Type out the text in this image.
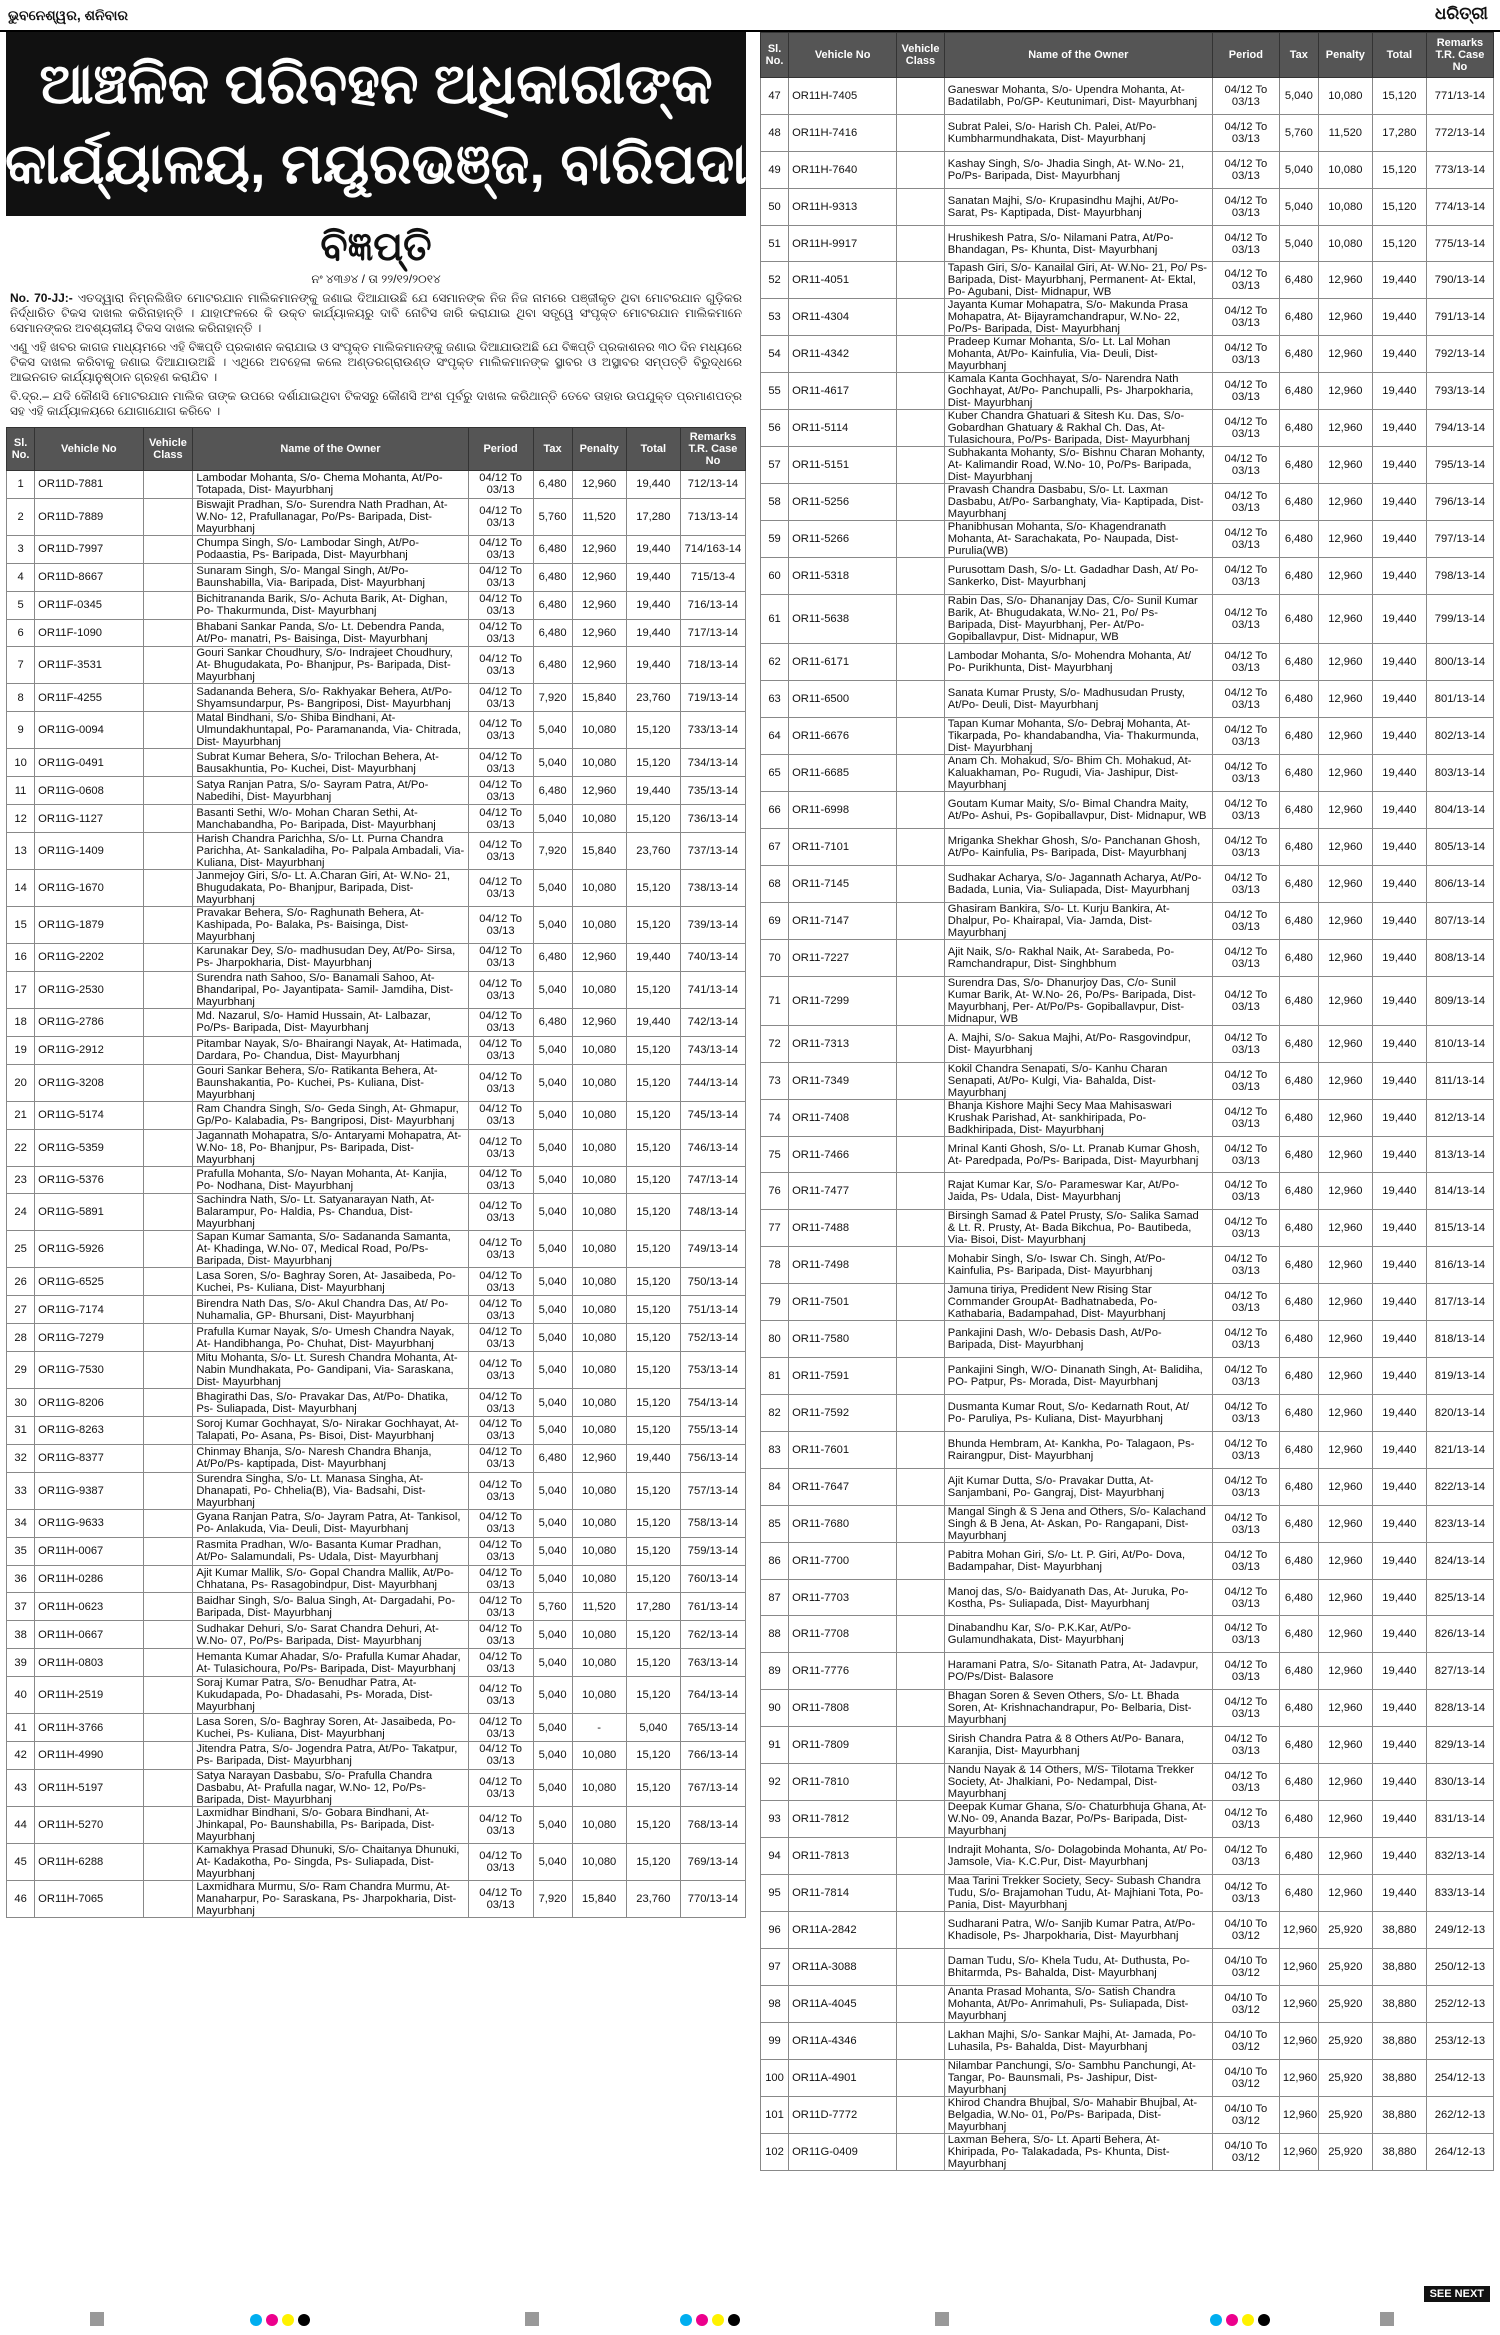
ଭୁବନେଶ୍ୱର, ଶନିବାର	ଧରିତ୍ରୀ
ଆଞ୍ଚଳିକ ପରିବହନ ଅଧିକାରୀଙ୍କ
କାର୍ଯ୍ୟାଳୟ, ମୟୂରଭଞ୍ଜ, ବାରିପଦା
ବିଜ୍ଞପ୍ତି
ନଂ ୪୩୬୪ / ତା ୨୨/୧୨/୨୦୧୪

No. 70-JJ:- ଏତଦ୍ୱାରା ନିମ୍ନଲିଖିତ ମୋଟରଯାନ ମାଲିକମାନଙ୍କୁ ଜଣାଇ ଦିଆଯାଉଛି ଯେ ସେମାନଙ୍କ ନିଜ ନିଜ ନାମରେ ପଞ୍ଜୀକୃତ ଥିବା ମୋଟରଯାନ ଗୁଡ଼ିକର ନିର୍ଦ୍ଧାରିତ ଟିକସ ଦାଖଲ କରିନାହାନ୍ତି । ଯାହାଫଳରେ କି ଉକ୍ତ କାର୍ଯ୍ୟାଳୟରୁ ଦାବି ନୋଟିସ ଜାରି କରାଯାଇ ଥିବା ସତ୍ତ୍ୱେ ସଂପୃକ୍ତ ମୋଟରଯାନ ମାଲିକମାନେ ସେମାନଙ୍କର ଅବଶ୍ୟକୀୟ ଟିକସ ଦାଖଲ କରିନାହାନ୍ତି ।

ଏଣୁ ଏହି ଖବର କାଗଜ ମାଧ୍ୟମରେ ଏହି ବିଜ୍ଞପ୍ତି ପ୍ରକାଶନ କରାଯାଇ ଓ ସଂପୃକ୍ତ ମାଲିକମାନଙ୍କୁ ଜଣାଇ ଦିଆଯାଉଅଛି ଯେ ବିଜ୍ଞପ୍ତି ପ୍ରକାଶନର ୩୦ ଦିନ ମଧ୍ୟରେ ଟିକସ ଦାଖଲ କରିବାକୁ ଜଣାଇ ଦିଆଯାଉଅଛି । ଏଥିରେ ଅବହେଳା କଲେ ଅଣ୍ଡରଗ୍ରାଉଣ୍ଡ ସଂପୃକ୍ତ ମାଲିକମାନଙ୍କ ସ୍ଥାବର ଓ ଅସ୍ଥାବର ସମ୍ପତ୍ତି ବିରୁଦ୍ଧରେ ଆଇନଗତ କାର୍ଯ୍ୟାନୁଷ୍ଠାନ ଗ୍ରହଣ କରାଯିବ ।

ବି.ଦ୍ର.– ଯଦି କୌଣସି ମୋଟରଯାନ ମାଲିକ ତାଙ୍କ ଉପରେ ଦର୍ଶାଯାଇଥିବା ଟିକସରୁ କୌଣସି ଅଂଶ ପୂର୍ବରୁ ଦାଖଲ କରିଥାନ୍ତି ତେବେ ତାହାର ଉପଯୁକ୍ତ ପ୍ରମାଣପତ୍ର ସହ ଏହି କାର୍ଯ୍ୟାଳୟରେ ଯୋଗାଯୋଗ କରିବେ ।

Sl. No.	Vehicle No	Vehicle Class	Name of the Owner	Period	Tax	Penalty	Total	Remarks T.R. Case No

1	OR11D-7881		Lambodar Mohanta, S/o- Chema Mohanta, At/Po- Totapada, Dist- Mayurbhanj	04/12 To 03/13	6,480	12,960	19,440	712/13-14

2	OR11D-7889		Biswajit Pradhan, S/o- Surendra Nath Pradhan, At- W.No- 12, Prafullanagar, Po/Ps- Baripada, Dist- Mayurbhanj	04/12 To 03/13	5,760	11,520	17,280	713/13-14

3	OR11D-7997		Chumpa Singh, S/o- Lambodar Singh, At/Po- Podaastia, Ps- Baripada, Dist- Mayurbhanj	04/12 To 03/13	6,480	12,960	19,440	714/163-14

4	OR11D-8667		Sunaram Singh, S/o- Mangal Singh, At/Po- Baunshabilla, Via- Baripada, Dist- Mayurbhanj	04/12 To 03/13	6,480	12,960	19,440	715/13-4

5	OR11F-0345		Bichitrananda Barik, S/o- Achuta Barik, At- Dighan, Po- Thakurmunda, Dist- Mayurbhanj	04/12 To 03/13	6,480	12,960	19,440	716/13-14

6	OR11F-1090		Bhabani Sankar Panda, S/o- Lt. Debendra Panda, At/Po- manatri, Ps- Baisinga, Dist- Mayurbhanj	04/12 To 03/13	6,480	12,960	19,440	717/13-14

7	OR11F-3531		Gouri Sankar Choudhury, S/o- Indrajeet Choudhury, At- Bhugudakata, Po- Bhanjpur, Ps- Baripada, Dist- Mayurbhanj	04/12 To 03/13	6,480	12,960	19,440	718/13-14

8	OR11F-4255		Sadananda Behera, S/o- Rakhyakar Behera, At/Po- Shyamsundarpur, Ps- Bangriposi, Dist- Mayurbhanj	04/12 To 03/13	7,920	15,840	23,760	719/13-14

9	OR11G-0094		Matal Bindhani, S/o- Shiba Bindhani, At- Ulmundakhuntapal, Po- Paramananda, Via- Chitrada, Dist- Mayurbhanj	04/12 To 03/13	5,040	10,080	15,120	733/13-14

10	OR11G-0491		Subrat Kumar Behera, S/o- Trilochan Behera, At- Bausakhuntia, Po- Kuchei, Dist- Mayurbhanj	04/12 To 03/13	5,040	10,080	15,120	734/13-14

11	OR11G-0608		Satya Ranjan Patra, S/o- Sayram Patra, At/Po- Nabedihi, Dist- Mayurbhanj	04/12 To 03/13	6,480	12,960	19,440	735/13-14

12	OR11G-1127		Basanti Sethi, W/o- Mohan Charan Sethi, At- Manchabandha, Po- Baripada, Dist- Mayurbhanj	04/12 To 03/13	5,040	10,080	15,120	736/13-14

13	OR11G-1409		Harish Chandra Parichha, S/o- Lt. Purna Chandra Parichha, At- Sankaladiha, Po- Palpala Ambadali, Via- Kuliana, Dist- Mayurbhanj	04/12 To 03/13	7,920	15,840	23,760	737/13-14

14	OR11G-1670		Janmejoy Giri, S/o- Lt. A.Charan Giri, At- W.No- 21, Bhugudakata, Po- Bhanjpur, Baripada, Dist- Mayurbhanj	04/12 To 03/13	5,040	10,080	15,120	738/13-14

15	OR11G-1879		Pravakar Behera, S/o- Raghunath Behera, At- Kashipada, Po- Balaka, Ps- Baisinga, Dist- Mayurbhanj	04/12 To 03/13	5,040	10,080	15,120	739/13-14

16	OR11G-2202		Karunakar Dey, S/o- madhusudan Dey, At/Po- Sirsa, Ps- Jharpokharia, Dist- Mayurbhanj	04/12 To 03/13	6,480	12,960	19,440	740/13-14

17	OR11G-2530		Surendra nath Sahoo, S/o- Banamali Sahoo, At- Bhandaripal, Po- Jayantipata- Samil- Jamdiha, Dist- Mayurbhanj	04/12 To 03/13	5,040	10,080	15,120	741/13-14

18	OR11G-2786		Md. Nazarul, S/o- Hamid Hussain, At- Lalbazar, Po/Ps- Baripada, Dist- Mayurbhanj	04/12 To 03/13	6,480	12,960	19,440	742/13-14

19	OR11G-2912		Pitambar Nayak, S/o- Bhairangi Nayak, At- Hatimada, Dardara, Po- Chandua, Dist- Mayurbhanj	04/12 To 03/13	5,040	10,080	15,120	743/13-14

20	OR11G-3208		Gouri Sankar Behera, S/o- Ratikanta Behera, At- Baunshakantia, Po- Kuchei, Ps- Kuliana, Dist- Mayurbhanj	04/12 To 03/13	5,040	10,080	15,120	744/13-14

21	OR11G-5174		Ram Chandra Singh, S/o- Geda Singh, At- Ghmapur, Gp/Po- Kalabadia, Ps- Bangriposi, Dist- Mayurbhanj	04/12 To 03/13	5,040	10,080	15,120	745/13-14

22	OR11G-5359		Jagannath Mohapatra, S/o- Antaryami Mohapatra, At- W.No- 18, Po- Bhanjpur, Ps- Baripada, Dist- Mayurbhanj	04/12 To 03/13	5,040	10,080	15,120	746/13-14

23	OR11G-5376		Prafulla Mohanta, S/o- Nayan Mohanta, At- Kanjia, Po- Nodhana, Dist- Mayurbhanj	04/12 To 03/13	5,040	10,080	15,120	747/13-14

24	OR11G-5891		Sachindra Nath, S/o- Lt. Satyanarayan Nath, At- Balarampur, Po- Haldia, Ps- Chandua, Dist- Mayurbhanj	04/12 To 03/13	5,040	10,080	15,120	748/13-14

25	OR11G-5926		Sapan Kumar Samanta, S/o- Sadananda Samanta, At- Khadinga, W.No- 07, Medical Road, Po/Ps- Baripada, Dist- Mayurbhanj	04/12 To 03/13	5,040	10,080	15,120	749/13-14

26	OR11G-6525		Lasa Soren, S/o- Baghray Soren, At- Jasaibeda, Po- Kuchei, Ps- Kuliana, Dist- Mayurbhanj	04/12 To 03/13	5,040	10,080	15,120	750/13-14

27	OR11G-7174		Birendra Nath Das, S/o- Akul Chandra Das, At/ Po- Nuhamalia, GP- Bhursani, Dist- Mayurbhanj	04/12 To 03/13	5,040	10,080	15,120	751/13-14

28	OR11G-7279		Prafulla Kumar Nayak, S/o- Umesh Chandra Nayak, At- Handibhanga, Po- Chuhat, Dist- Mayurbhanj	04/12 To 03/13	5,040	10,080	15,120	752/13-14

29	OR11G-7530		Mitu Mohanta, S/o- Lt. Suresh Chandra Mohanta, At- Nabin Mundhakata, Po- Gandipani, Via- Saraskana, Dist- Mayurbhanj	04/12 To 03/13	5,040	10,080	15,120	753/13-14

30	OR11G-8206		Bhagirathi Das, S/o- Pravakar Das, At/Po- Dhatika, Ps- Suliapada, Dist- Mayurbhanj	04/12 To 03/13	5,040	10,080	15,120	754/13-14

31	OR11G-8263		Soroj Kumar Gochhayat, S/o- Nirakar Gochhayat, At- Talapati, Po- Asana, Ps- Bisoi, Dist- Mayurbhanj	04/12 To 03/13	5,040	10,080	15,120	755/13-14

32	OR11G-8377		Chinmay Bhanja, S/o- Naresh Chandra Bhanja, At/Po/Ps- kaptipada, Dist- Mayurbhanj	04/12 To 03/13	6,480	12,960	19,440	756/13-14

33	OR11G-9387		Surendra Singha, S/o- Lt. Manasa Singha, At- Dhanapati, Po- Chhelia(B), Via- Badsahi, Dist- Mayurbhanj	04/12 To 03/13	5,040	10,080	15,120	757/13-14

34	OR11G-9633		Gyana Ranjan Patra, S/o- Jayram Patra, At- Tankisol, Po- Anlakuda, Via- Deuli, Dist- Mayurbhanj	04/12 To 03/13	5,040	10,080	15,120	758/13-14

35	OR11H-0067		Rasmita Pradhan, W/o- Basanta Kumar Pradhan, At/Po- Salamundali, Ps- Udala, Dist- Mayurbhanj	04/12 To 03/13	5,040	10,080	15,120	759/13-14

36	OR11H-0286		Ajit Kumar Mallik, S/o- Gopal Chandra Mallik, At/Po- Chhatana, Ps- Rasagobindpur, Dist- Mayurbhanj	04/12 To 03/13	5,040	10,080	15,120	760/13-14

37	OR11H-0623		Baidhar Singh, S/o- Balua Singh, At- Dargadahi, Po- Baripada, Dist- Mayurbhanj	04/12 To 03/13	5,760	11,520	17,280	761/13-14

38	OR11H-0667		Sudhakar Dehuri, S/o- Sarat Chandra Dehuri, At- W.No- 07, Po/Ps- Baripada, Dist- Mayurbhanj	04/12 To 03/13	5,040	10,080	15,120	762/13-14

39	OR11H-0803		Hemanta Kumar Ahadar, S/o- Prafulla Kumar Ahadar, At- Tulasichoura, Po/Ps- Baripada, Dist- Mayurbhanj	04/12 To 03/13	5,040	10,080	15,120	763/13-14

40	OR11H-2519		Soraj Kumar Patra, S/o- Benudhar Patra, At- Kukudapada, Po- Dhadasahi, Ps- Morada, Dist- Mayurbhanj	04/12 To 03/13	5,040	10,080	15,120	764/13-14

41	OR11H-3766		Lasa Soren, S/o- Baghray Soren, At- Jasaibeda, Po- Kuchei, Ps- Kuliana, Dist- Mayurbhanj	04/12 To 03/13	5,040	-	5,040	765/13-14

42	OR11H-4990		Jitendra Patra, S/o- Jogendra Patra, At/Po- Takatpur, Ps- Baripada, Dist- Mayurbhanj	04/12 To 03/13	5,040	10,080	15,120	766/13-14

43	OR11H-5197		Satya Narayan Dasbabu, S/o- Prafulla Chandra Dasbabu, At- Prafulla nagar, W.No- 12, Po/Ps- Baripada, Dist- Mayurbhanj	04/12 To 03/13	5,040	10,080	15,120	767/13-14

44	OR11H-5270		Laxmidhar Bindhani, S/o- Gobara Bindhani, At- Jhinkapal, Po- Baunshabilla, Ps- Baripada, Dist- Mayurbhanj	04/12 To 03/13	5,040	10,080	15,120	768/13-14

45	OR11H-6288		Kamakhya Prasad Dhunuki, S/o- Chaitanya Dhunuki, At- Kadakotha, Po- Singda, Ps- Suliapada, Dist- Mayurbhanj	04/12 To 03/13	5,040	10,080	15,120	769/13-14

46	OR11H-7065		Laxmidhara Murmu, S/o- Ram Chandra Murmu, At- Manaharpur, Po- Saraskana, Ps- Jharpokharia, Dist- Mayurbhanj	04/12 To 03/13	7,920	15,840	23,760	770/13-14
Sl. No.	Vehicle No	Vehicle Class	Name of the Owner	Period	Tax	Penalty	Total	Remarks T.R. Case No

47	OR11H-7405		Ganeswar Mohanta, S/o- Upendra Mohanta, At- Badatilabh, Po/GP- Keutunimari, Dist- Mayurbhanj	04/12 To 03/13	5,040	10,080	15,120	771/13-14

48	OR11H-7416		Subrat Palei, S/o- Harish Ch. Palei, At/Po- Kumbharmundhakata, Dist- Mayurbhanj	04/12 To 03/13	5,760	11,520	17,280	772/13-14

49	OR11H-7640		Kashay Singh, S/o- Jhadia Singh, At- W.No- 21, Po/Ps- Baripada, Dist- Mayurbhanj	04/12 To 03/13	5,040	10,080	15,120	773/13-14

50	OR11H-9313		Sanatan Majhi, S/o- Krupasindhu Majhi, At/Po- Sarat, Ps- Kaptipada, Dist- Mayurbhanj	04/12 To 03/13	5,040	10,080	15,120	774/13-14

51	OR11H-9917		Hrushikesh Patra, S/o- Nilamani Patra, At/Po- Bhandagan, Ps- Khunta, Dist- Mayurbhanj	04/12 To 03/13	5,040	10,080	15,120	775/13-14

52	OR11-4051		Tapash Giri, S/o- Kanailal Giri, At- W.No- 21, Po/ Ps- Baripada, Dist- Mayurbhanj, Permanent- At- Ektal, Po- Agubani, Dist- Midnapur, WB	04/12 To 03/13	6,480	12,960	19,440	790/13-14

53	OR11-4304		Jayanta Kumar Mohapatra, S/o- Makunda Prasa Mohapatra, At- Bijayramchandrapur, W.No- 22, Po/Ps- Baripada, Dist- Mayurbhanj	04/12 To 03/13	6,480	12,960	19,440	791/13-14

54	OR11-4342		Pradeep Kumar Mohanta, S/o- Lt. Lal Mohan Mohanta, At/Po- Kainfulia, Via- Deuli, Dist- Mayurbhanj	04/12 To 03/13	6,480	12,960	19,440	792/13-14

55	OR11-4617		Kamala Kanta Gochhayat, S/o- Narendra Nath Gochhayat, At/Po- Panchupalli, Ps- Jharpokharia, Dist- Mayurbhanj	04/12 To 03/13	6,480	12,960	19,440	793/13-14

56	OR11-5114		Kuber Chandra Ghatuari & Sitesh Ku. Das, S/o- Gobardhan Ghatuary & Rakhal Ch. Das, At- Tulasichoura, Po/Ps- Baripada, Dist- Mayurbhanj	04/12 To 03/13	6,480	12,960	19,440	794/13-14

57	OR11-5151		Subhakanta Mohanty, S/o- Bishnu Charan Mohanty, At- Kalimandir Road, W.No- 10, Po/Ps- Baripada, Dist- Mayurbhanj	04/12 To 03/13	6,480	12,960	19,440	795/13-14

58	OR11-5256		Pravash Chandra Dasbabu, S/o- Lt. Laxman Dasbabu, At/Po- Sarbanghaty, Via- Kaptipada, Dist- Mayurbhanj	04/12 To 03/13	6,480	12,960	19,440	796/13-14

59	OR11-5266		Phanibhusan Mohanta, S/o- Khagendranath Mohanta, At- Sarachakata, Po- Naupada, Dist- Purulia(WB)	04/12 To 03/13	6,480	12,960	19,440	797/13-14

60	OR11-5318		Purusottam Dash, S/o- Lt. Gadadhar Dash, At/ Po- Sankerko, Dist- Mayurbhanj	04/12 To 03/13	6,480	12,960	19,440	798/13-14

61	OR11-5638		Rabin Das, S/o- Dhananjay Das, C/o- Sunil Kumar Barik, At- Bhugudakata, W.No- 21, Po/ Ps- Baripada, Dist- Mayurbhanj, Per- At/Po- Gopiballavpur, Dist- Midnapur, WB	04/12 To 03/13	6,480	12,960	19,440	799/13-14

62	OR11-6171		Lambodar Mohanta, S/o- Mohendra Mohanta, At/ Po- Purikhunta, Dist- Mayurbhanj	04/12 To 03/13	6,480	12,960	19,440	800/13-14

63	OR11-6500		Sanata Kumar Prusty, S/o- Madhusudan Prusty, At/Po- Deuli, Dist- Mayurbhanj	04/12 To 03/13	6,480	12,960	19,440	801/13-14

64	OR11-6676		Tapan Kumar Mohanta, S/o- Debraj Mohanta, At- Tikarpada, Po- khandabandha, Via- Thakurmunda, Dist- Mayurbhanj	04/12 To 03/13	6,480	12,960	19,440	802/13-14

65	OR11-6685		Anam Ch. Mohakud, S/o- Bhim Ch. Mohakud, At- Kaluakhaman, Po- Rugudi, Via- Jashipur, Dist- Mayurbhanj	04/12 To 03/13	6,480	12,960	19,440	803/13-14

66	OR11-6998		Goutam Kumar Maity, S/o- Bimal Chandra Maity, At/Po- Ashui, Ps- Gopiballavpur, Dist- Midnapur, WB	04/12 To 03/13	6,480	12,960	19,440	804/13-14

67	OR11-7101		Mriganka Shekhar Ghosh, S/o- Panchanan Ghosh, At/Po- Kainfulia, Ps- Baripada, Dist- Mayurbhanj	04/12 To 03/13	6,480	12,960	19,440	805/13-14

68	OR11-7145		Sudhakar Acharya, S/o- Jagannath Acharya, At/Po- Badada, Lunia, Via- Suliapada, Dist- Mayurbhanj	04/12 To 03/13	6,480	12,960	19,440	806/13-14

69	OR11-7147		Ghasiram Bankira, S/o- Lt. Kurju Bankira, At- Dhalpur, Po- Khairapal, Via- Jamda, Dist- Mayurbhanj	04/12 To 03/13	6,480	12,960	19,440	807/13-14

70	OR11-7227		Ajit Naik, S/o- Rakhal Naik, At- Sarabeda, Po- Ramchandrapur, Dist- Singhbhum	04/12 To 03/13	6,480	12,960	19,440	808/13-14

71	OR11-7299		Surendra Das, S/o- Dhanurjoy Das, C/o- Sunil Kumar Barik, At- W.No- 26, Po/Ps- Baripada, Dist- Mayurbhanj, Per- At/Po/Ps- Gopiballavpur, Dist- Midnapur, WB	04/12 To 03/13	6,480	12,960	19,440	809/13-14

72	OR11-7313		A. Majhi, S/o- Sakua Majhi, At/Po- Rasgovindpur, Dist- Mayurbhanj	04/12 To 03/13	6,480	12,960	19,440	810/13-14

73	OR11-7349		Kokil Chandra Senapati, S/o- Kanhu Charan Senapati, At/Po- Kulgi, Via- Bahalda, Dist- Mayurbhanj	04/12 To 03/13	6,480	12,960	19,440	811/13-14

74	OR11-7408		Bhanja Kishore Majhi Secy Maa Mahisaswari Krushak Parishad, At- sankhiripada, Po- Badkhiripada, Dist- Mayurbhanj	04/12 To 03/13	6,480	12,960	19,440	812/13-14

75	OR11-7466		Mrinal Kanti Ghosh, S/o- Lt. Pranab Kumar Ghosh, At- Paredpada, Po/Ps- Baripada, Dist- Mayurbhanj	04/12 To 03/13	6,480	12,960	19,440	813/13-14

76	OR11-7477		Rajat Kumar Kar, S/o- Parameswar Kar, At/Po- Jaida, Ps- Udala, Dist- Mayurbhanj	04/12 To 03/13	6,480	12,960	19,440	814/13-14

77	OR11-7488		Birsingh Samad & Patel Prusty, S/o- Salika Samad & Lt. R. Prusty, At- Bada Bikchua, Po- Bautibeda, Via- Bisoi, Dist- Mayurbhanj	04/12 To 03/13	6,480	12,960	19,440	815/13-14

78	OR11-7498		Mohabir Singh, S/o- Iswar Ch. Singh, At/Po- Kainfulia, Ps- Baripada, Dist- Mayurbhanj	04/12 To 03/13	6,480	12,960	19,440	816/13-14

79	OR11-7501		Jamuna tiriya, Predident New Rising Star Commander GroupAt- Badhatnabeda, Po- Kathabaria, Badampahad, Dist- Mayurbhanj	04/12 To 03/13	6,480	12,960	19,440	817/13-14

80	OR11-7580		Pankajini Dash, W/o- Debasis Dash, At/Po- Baripada, Dist- Mayurbhanj	04/12 To 03/13	6,480	12,960	19,440	818/13-14

81	OR11-7591		Pankajini Singh, W/O- Dinanath Singh, At- Balidiha, PO- Patpur, Ps- Morada, Dist- Mayurbhanj	04/12 To 03/13	6,480	12,960	19,440	819/13-14

82	OR11-7592		Dusmanta Kumar Rout, S/o- Kedarnath Rout, At/ Po- Paruliya, Ps- Kuliana, Dist- Mayurbhanj	04/12 To 03/13	6,480	12,960	19,440	820/13-14

83	OR11-7601		Bhunda Hembram, At- Kankha, Po- Talagaon, Ps- Rairangpur, Dist- Mayurbhanj	04/12 To 03/13	6,480	12,960	19,440	821/13-14

84	OR11-7647		Ajit Kumar Dutta, S/o- Pravakar Dutta, At- Sanjambani, Po- Gangraj, Dist- Mayurbhanj	04/12 To 03/13	6,480	12,960	19,440	822/13-14

85	OR11-7680		Mangal Singh & S Jena and Others, S/o- Kalachand Singh & B Jena, At- Askan, Po- Rangapani, Dist- Mayurbhanj	04/12 To 03/13	6,480	12,960	19,440	823/13-14

86	OR11-7700		Pabitra Mohan Giri, S/o- Lt. P. Giri, At/Po- Dova, Badampahar, Dist- Mayurbhanj	04/12 To 03/13	6,480	12,960	19,440	824/13-14

87	OR11-7703		Manoj das, S/o- Baidyanath Das, At- Juruka, Po- Kostha, Ps- Suliapada, Dist- Mayurbhanj	04/12 To 03/13	6,480	12,960	19,440	825/13-14

88	OR11-7708		Dinabandhu Kar, S/o- P.K.Kar, At/Po- Gulamundhakata, Dist- Mayurbhanj	04/12 To 03/13	6,480	12,960	19,440	826/13-14

89	OR11-7776		Haramani Patra, S/o- Sitanath Patra, At- Jadavpur, PO/Ps/Dist- Balasore	04/12 To 03/13	6,480	12,960	19,440	827/13-14

90	OR11-7808		Bhagan Soren & Seven Others, S/o- Lt. Bhada Soren, At- Krishnachandrapur, Po- Belbaria, Dist- Mayurbhanj	04/12 To 03/13	6,480	12,960	19,440	828/13-14

91	OR11-7809		Sirish Chandra Patra & 8 Others At/Po- Banara, Karanjia, Dist- Mayurbhanj	04/12 To 03/13	6,480	12,960	19,440	829/13-14

92	OR11-7810		Nandu Nayak & 14 Others, M/S- Tilotama Trekker Society, At- Jhalkiani, Po- Nedampal, Dist- Mayurbhanj	04/12 To 03/13	6,480	12,960	19,440	830/13-14

93	OR11-7812		Deepak Kumar Ghana, S/o- Chaturbhuja Ghana, At- W.No- 09, Ananda Bazar, Po/Ps- Baripada, Dist- Mayurbhanj	04/12 To 03/13	6,480	12,960	19,440	831/13-14

94	OR11-7813		Indrajit Mohanta, S/o- Dolagobinda Mohanta, At/ Po- Jamsole, Via- K.C.Pur, Dist- Mayurbhanj	04/12 To 03/13	6,480	12,960	19,440	832/13-14

95	OR11-7814		Maa Tarini Trekker Society, Secy- Subash Chandra Tudu, S/o- Brajamohan Tudu, At- Majhiani Tota, Po- Pania, Dist- Mayurbhanj	04/12 To 03/13	6,480	12,960	19,440	833/13-14

96	OR11A-2842		Sudharani Patra, W/o- Sanjib Kumar Patra, At/Po- Khadisole, Ps- Jharpokharia, Dist- Mayurbhanj	04/10 To 03/12	12,960	25,920	38,880	249/12-13

97	OR11A-3088		Daman Tudu, S/o- Khela Tudu, At- Duthusta, Po- Bhitarmda, Ps- Bahalda, Dist- Mayurbhanj	04/10 To 03/12	12,960	25,920	38,880	250/12-13

98	OR11A-4045		Ananta Prasad Mohanta, S/o- Satish Chandra Mohanta, At/Po- Anrimahuli, Ps- Suliapada, Dist- Mayurbhanj	04/10 To 03/12	12,960	25,920	38,880	252/12-13

99	OR11A-4346		Lakhan Majhi, S/o- Sankar Majhi, At- Jamada, Po- Luhasila, Ps- Bahalda, Dist- Mayurbhanj	04/10 To 03/12	12,960	25,920	38,880	253/12-13

100	OR11A-4901		Nilambar Panchungi, S/o- Sambhu Panchungi, At- Tangar, Po- Baunsmali, Ps- Jashipur, Dist- Mayurbhanj	04/10 To 03/12	12,960	25,920	38,880	254/12-13

101	OR11D-7772		Khirod Chandra Bhujbal, S/o- Mahabir Bhujbal, At- Belgadia, W.No- 01, Po/Ps- Baripada, Dist- Mayurbhanj	04/10 To 03/12	12,960	25,920	38,880	262/12-13

102	OR11G-0409		Laxman Behera, S/o- Lt. Aparti Behera, At- Khiripada, Po- Talakadada, Ps- Khunta, Dist- Mayurbhanj	04/10 To 03/12	12,960	25,920	38,880	264/12-13
SEE NEXT
